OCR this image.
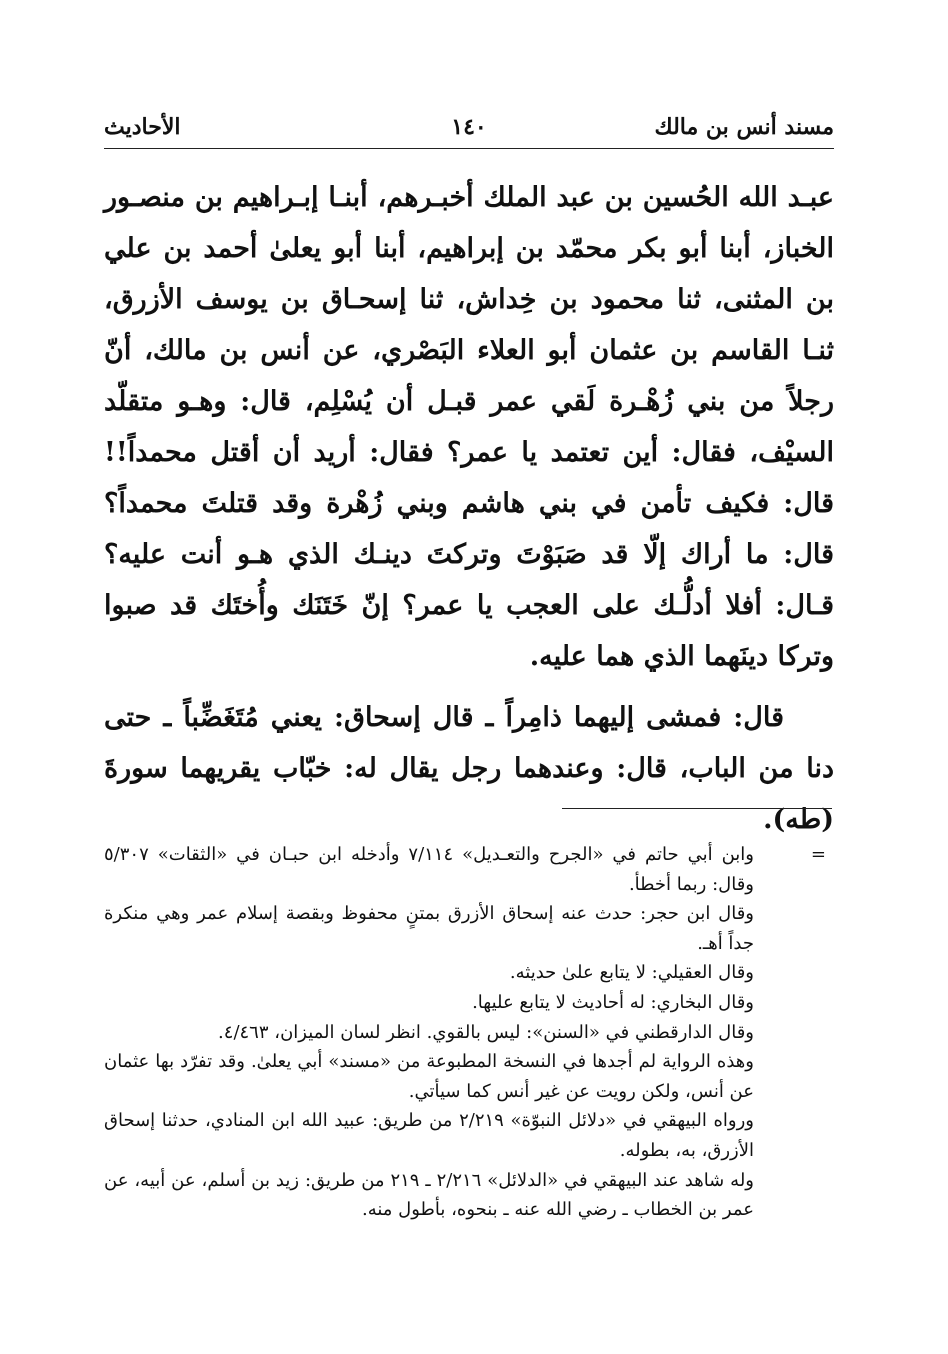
مسند أنس بن مالك
١٤٠
الأحاديث

عبـد الله الحُسين بن عبد الملك أخبـرهم، أبنـا إبـراهيم بن منصـور الخباز، أبنا أبو بكر محمّد بن إبراهيم، أبنا أبو يعلىٰ أحمد بن علي بن المثنى، ثنا محمود بن خِداش، ثنا إسحـاق بن يوسف الأزرق، ثنـا القاسم بن عثمان أبو العلاء البَصْري، عن أنس بن مالك، أنّ رجلاً من بني زُهْـرة لَقي عمر قبـل أن يُسْلِم، قال: وهـو متقلّد السيْف، فقال: أين تعتمد يا عمر؟ فقال: أريد أن أقتل محمداً!! قال: فكيف تأمن في بني هاشم وبني زُهْرة وقد قتلتَ محمداً؟ قال: ما أراك إلّا قد صَبَوْتَ وتركتَ دينـك الذي هـو أنت عليه؟ قـال: أفلا أدلُّـك على العجب يا عمر؟ إنّ خَتَنَك وأُختَك قد صبوا وتركا دينَهما الذي هما عليه.

قال: فمشى إليهما ذامِراً ـ قال إسحاق: يعني مُتَغَضِّباً ـ حتى دنا من الباب، قال: وعندهما رجل يقال له: خبّاب يقريهما سورةَ (طه).

=

وابن أبي حاتم في «الجرح والتعـديل» ٧/١١٤ وأدخله ابن حبـان في «الثقات» ٥/٣٠٧ وقال: ربما أخطأ.

وقال ابن حجر: حدث عنه إسحاق الأزرق بمتنٍ محفوظ وبقصة إسلام عمر وهي منكرة جداً أهـ.

وقال العقيلي: لا يتابع علىٰ حديثه.

وقال البخاري: له أحاديث لا يتابع عليها.

وقال الدارقطني في «السنن»: ليس بالقوي. انظر لسان الميزان، ٤/٤٦٣.

وهذه الرواية لم أجدها في النسخة المطبوعة من «مسند» أبي يعلىٰ. وقد تفرّد بها عثمان عن أنس، ولكن رويت عن غير أنس كما سيأتي.

ورواه البيهقي في «دلائل النبوّة» ٢/٢١٩ من طريق: عبيد الله ابن المنادي، حدثنا إسحاق الأزرق، به، بطوله.

وله شاهد عند البيهقي في «الدلائل» ٢/٢١٦ ـ ٢١٩ من طريق: زيد بن أسلم، عن أبيه، عن عمر بن الخطاب ـ رضي الله عنه ـ بنحوه، بأطول منه.
